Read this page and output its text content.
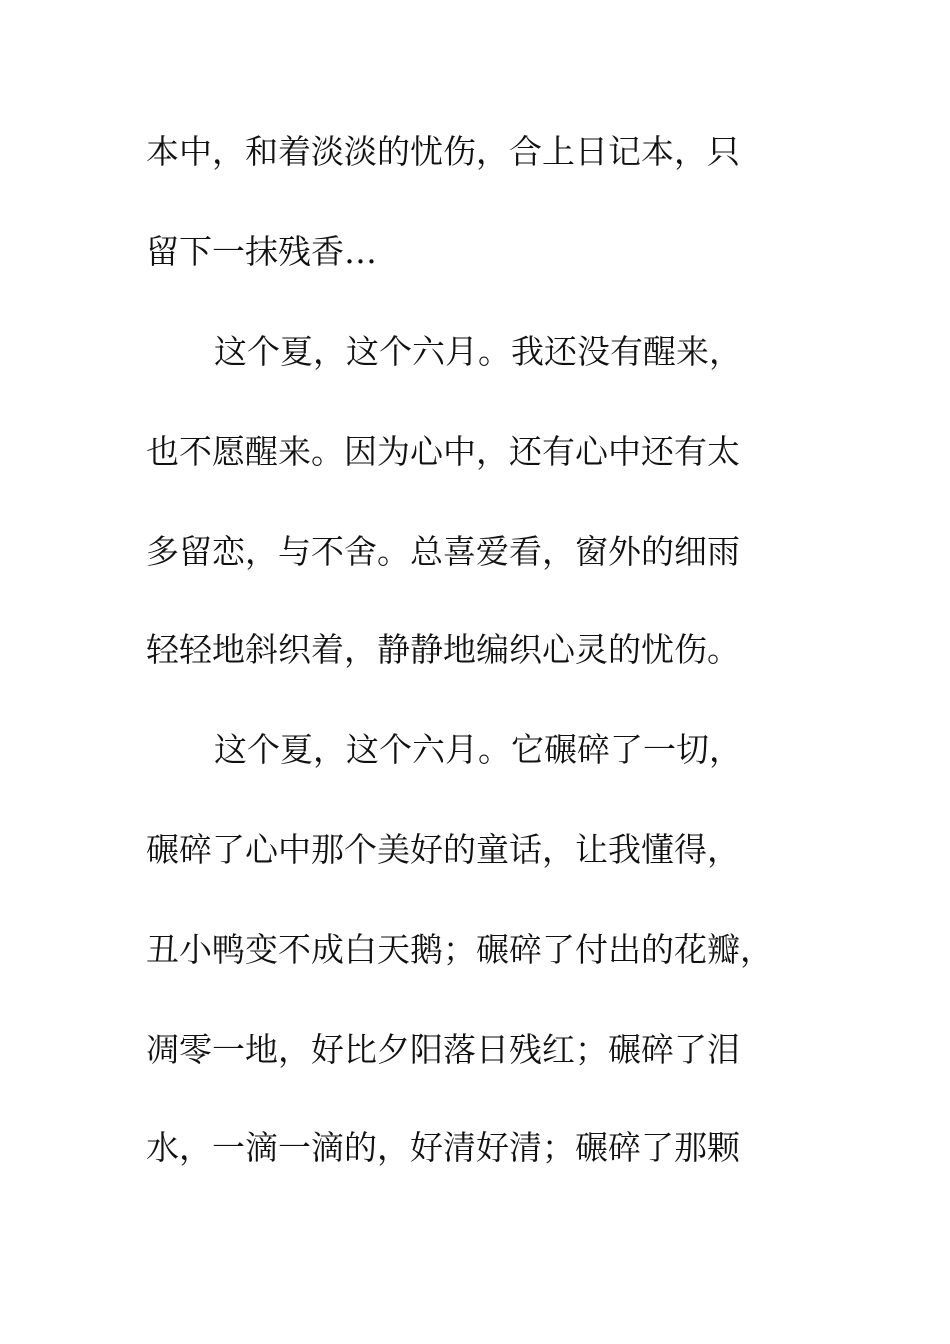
本中，和着淡淡的忧伤，合上日记本，只
留下一抹残香…
这个夏，这个六月。我还没有醒来，
也不愿醒来。因为心中，还有心中还有太
多留恋，与不舍。总喜爱看，窗外的细雨
轻轻地斜织着，静静地编织心灵的忧伤。
这个夏，这个六月。它碾碎了一切，
碾碎了心中那个美好的童话，让我懂得，
丑小鸭变不成白天鹅；碾碎了付出的花瓣，
凋零一地，好比夕阳落日残红；碾碎了泪
水，一滴一滴的，好清好清；碾碎了那颗
